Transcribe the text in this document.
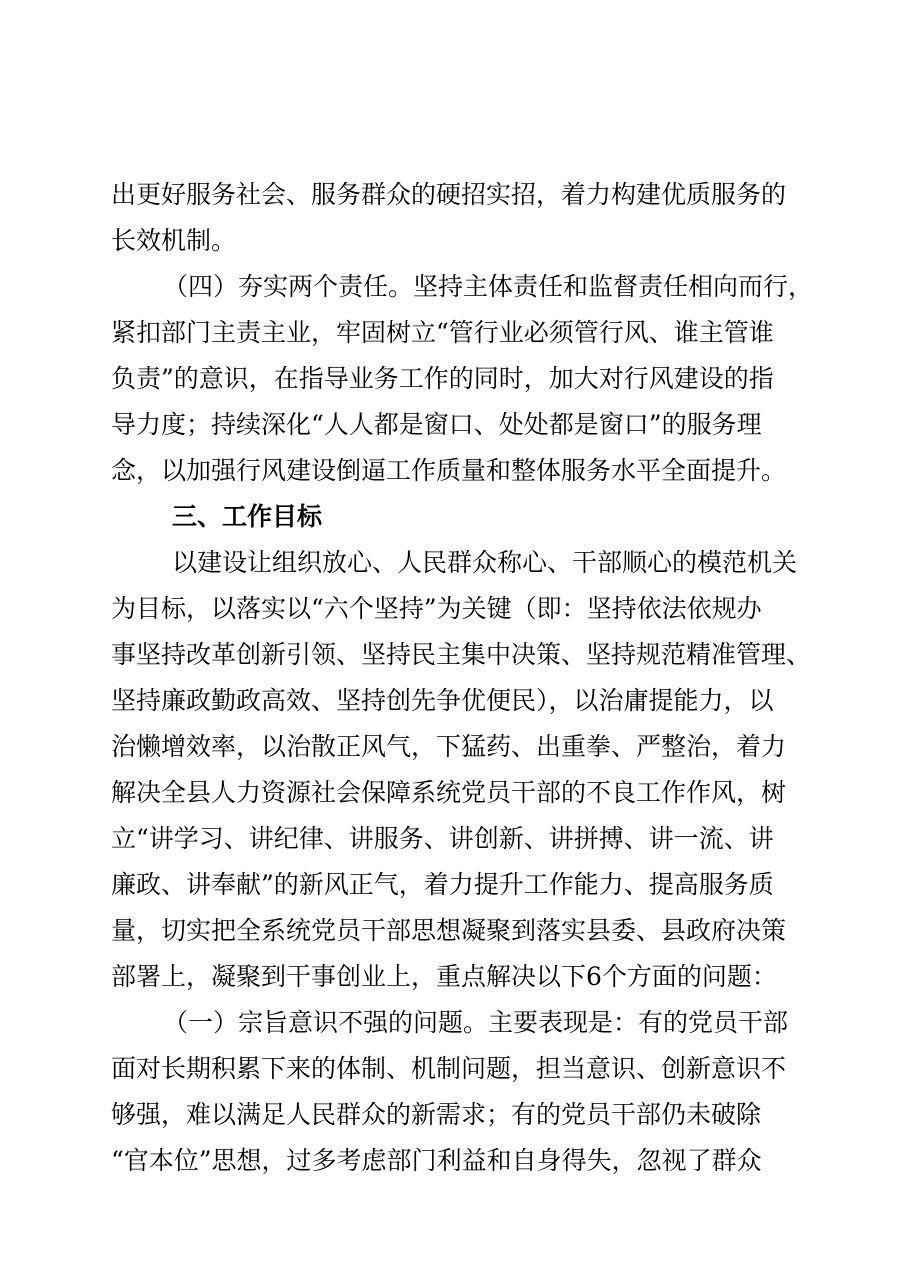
出更好服务社会、服务群众的硬招实招，着力构建优质服务的
长效机制。
（四）夯实两个责任。坚持主体责任和监督责任相向而行，
紧扣部门主责主业，牢固树立“管行业必须管行风、谁主管谁
负责”的意识，在指导业务工作的同时，加大对行风建设的指
导力度；持续深化“人人都是窗口、处处都是窗口”的服务理
念，以加强行风建设倒逼工作质量和整体服务水平全面提升。
三、工作目标
以建设让组织放心、人民群众称心、干部顺心的模范机关
为目标，以落实以“六个坚持”为关键（即：坚持依法依规办
事坚持改革创新引领、坚持民主集中决策、坚持规范精准管理、
坚持廉政勤政高效、坚持创先争优便民），以治庸提能力，以
治懒增效率，以治散正风气，下猛药、出重拳、严整治，着力
解决全县人力资源社会保障系统党员干部的不良工作作风，树
立“讲学习、讲纪律、讲服务、讲创新、讲拼搏、讲一流、讲
廉政、讲奉献”的新风正气，着力提升工作能力、提高服务质
量，切实把全系统党员干部思想凝聚到落实县委、县政府决策
部署上，凝聚到干事创业上，重点解决以下6个方面的问题：
（一）宗旨意识不强的问题。主要表现是：有的党员干部
面对长期积累下来的体制、机制问题，担当意识、创新意识不
够强，难以满足人民群众的新需求；有的党员干部仍未破除
“官本位”思想，过多考虑部门利益和自身得失，忽视了群众
